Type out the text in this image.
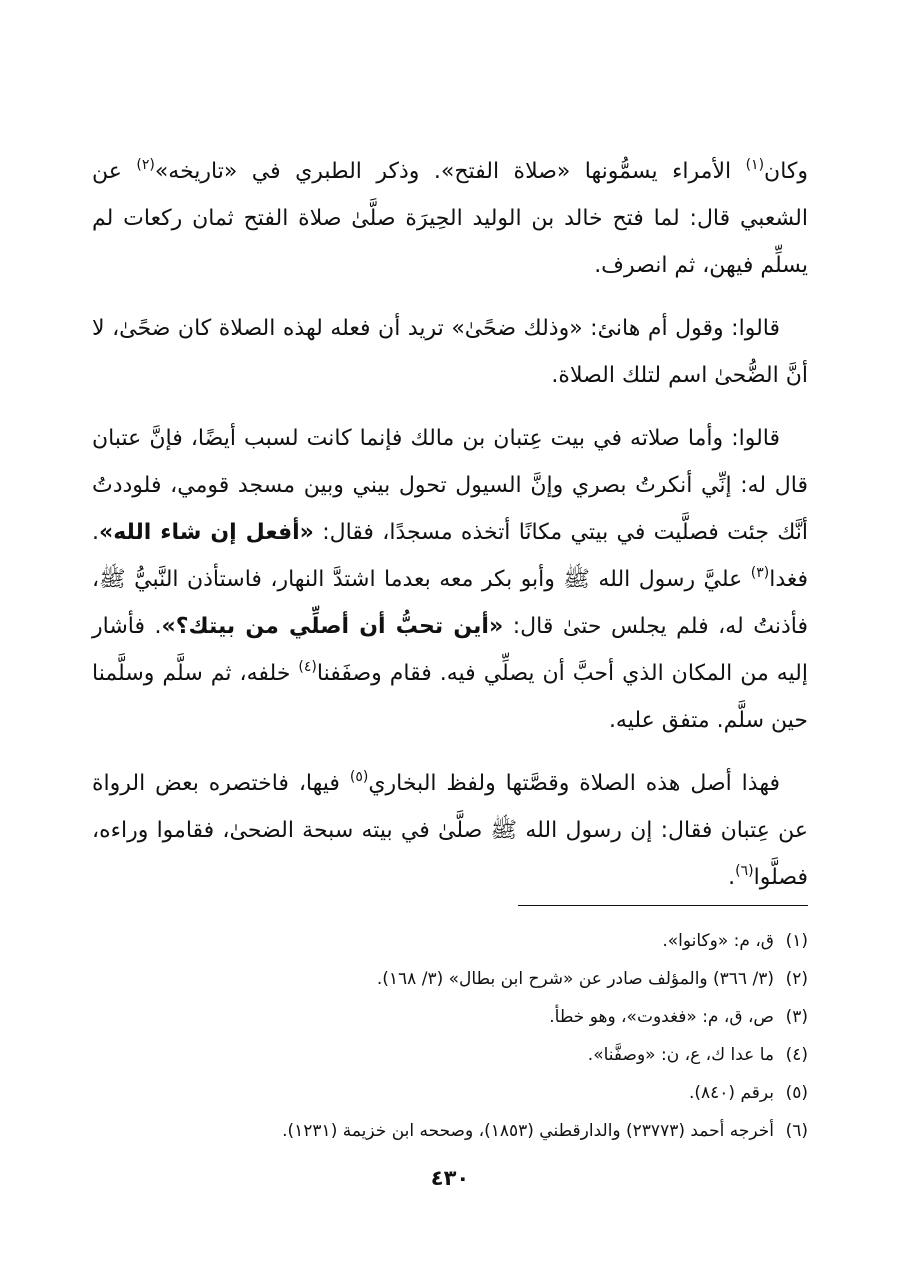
وكان$^{(١)}$ الأمراء يسمُّونها «صلاة الفتح». وذكر الطبري في «تاريخه»$^{(٢)}$ عن الشعبي قال: لما فتح خالد بن الوليد الحِيرَة صلَّىٰ صلاة الفتح ثمان ركعات لم يسلِّم فيهن، ثم انصرف.

قالوا: وقول أم هانئ: «وذلك ضحًىٰ» تريد أن فعله لهذه الصلاة كان ضحًىٰ، لا أنَّ الضُّحىٰ اسم لتلك الصلاة.

قالوا: وأما صلاته في بيت عِتبان بن مالك فإنما كانت لسبب أيضًا، فإنَّ عتبان قال له: إنِّي أنكرتُ بصري وإنَّ السيول تحول بيني وبين مسجد قومي، فلوددتُ أنَّك جئت فصلَّيت في بيتي مكانًا أتخذه مسجدًا، فقال: «أفعل إن شاء الله». فغدا$^{(٣)}$ عليَّ رسول الله ﷺ وأبو بكر معه بعدما اشتدَّ النهار، فاستأذن النَّبيُّ ﷺ، فأذنتُ له، فلم يجلس حتىٰ قال: «أين تحبُّ أن أصلِّي من بيتك؟». فأشار إليه من المكان الذي أحبَّ أن يصلِّي فيه. فقام وصفَفنا$^{(٤)}$ خلفه، ثم سلَّم وسلَّمنا حين سلَّم. متفق عليه.

فهذا أصل هذه الصلاة وقصَّتها ولفظ البخاري$^{(٥)}$ فيها، فاختصره بعض الرواة عن عِتبان فقال: إن رسول الله ﷺ صلَّىٰ في بيته سبحة الضحىٰ، فقاموا وراءه، فصلَّوا$^{(٦)}$.

(١)ق، م: «وكانوا».
(٢)(٣/ ٣٦٦) والمؤلف صادر عن «شرح ابن بطال» (٣/ ١٦٨).
(٣)ص، ق، م: «فغدوت»، وهو خطأ.
(٤)ما عدا ك، ع، ن: «وصفَّنا».
(٥)برقم (٨٤٠).
(٦)أخرجه أحمد (٢٣٧٧٣) والدارقطني (١٨٥٣)، وصححه ابن خزيمة (١٢٣١).
٤٣٠
